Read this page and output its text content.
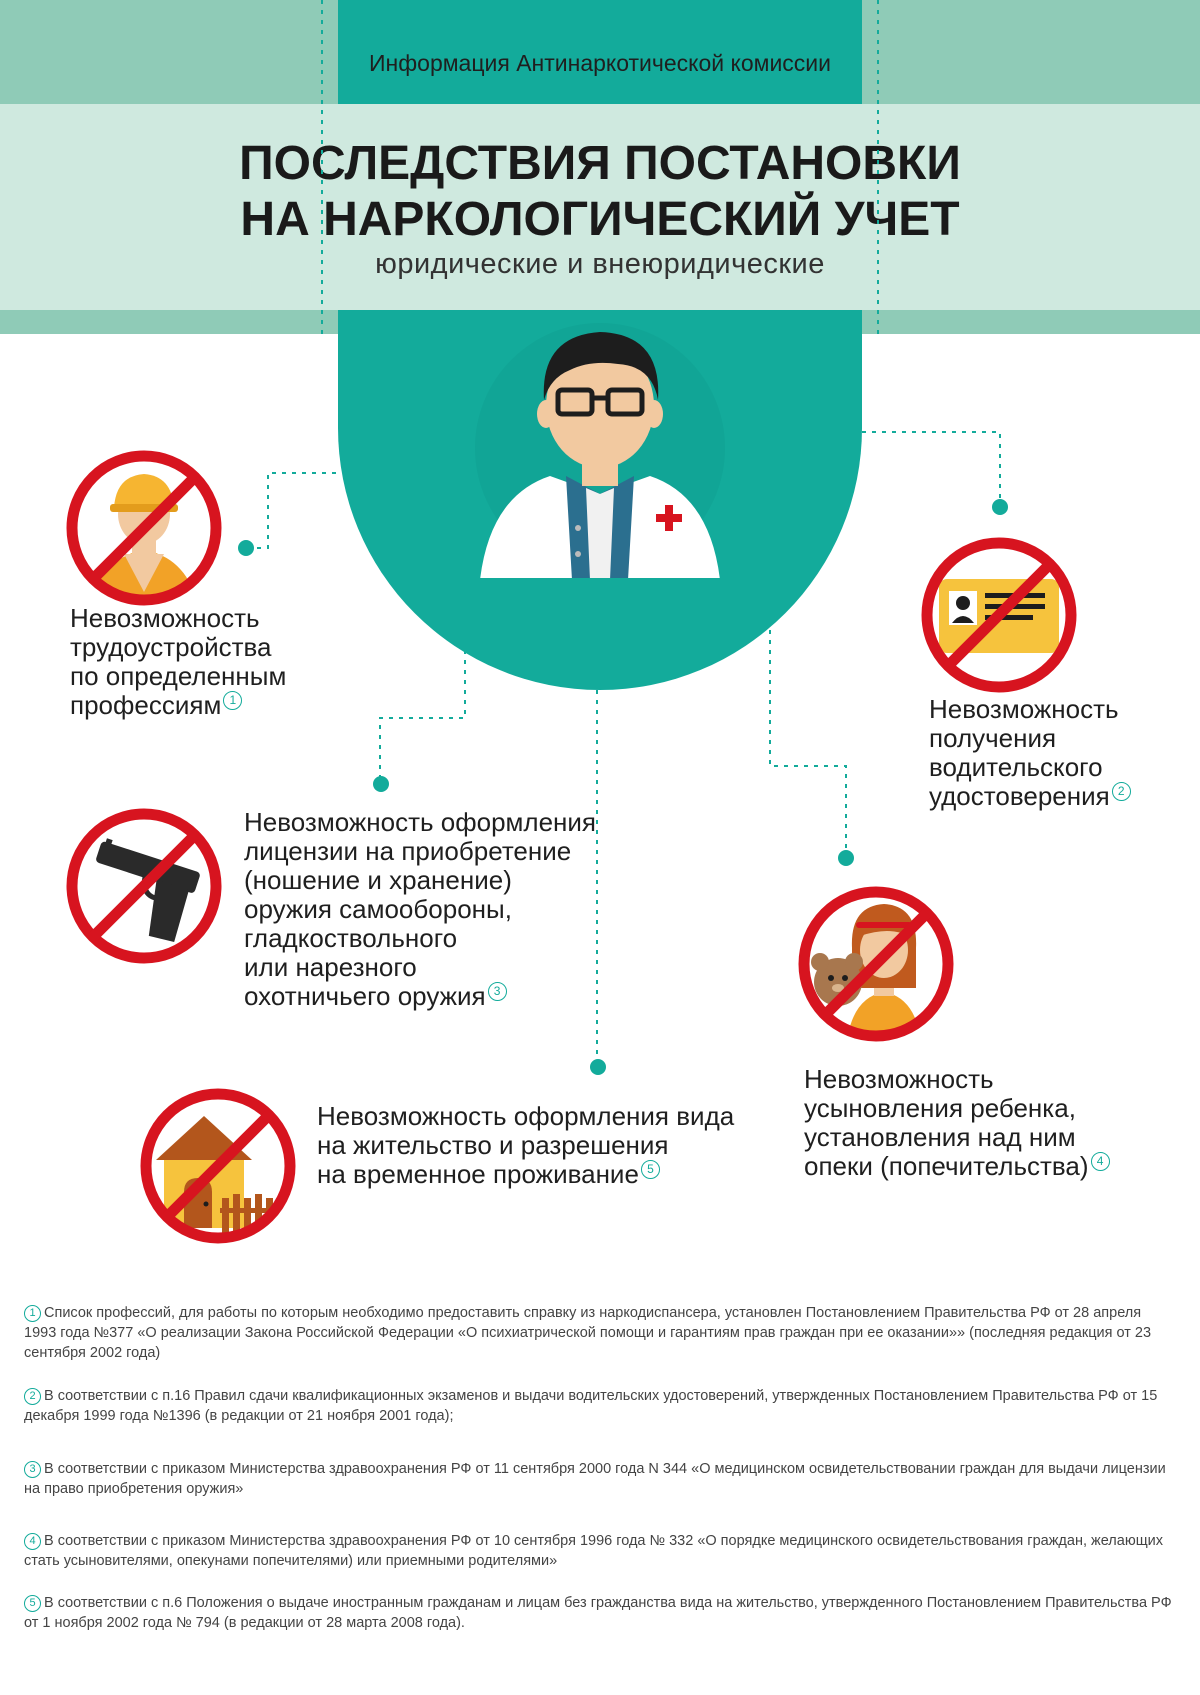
Информация Антинаркотической комиссии
ПОСЛЕДСТВИЯ ПОСТАНОВКИ
НА НАРКОЛОГИЧЕСКИЙ УЧЕТ
юридические и внеюридические
Невозможность
трудоустройства
по определенным
профессиям 1	Невозможность
получения
водительского
удостоверения 2
Невозможность оформления
лицензии на приобретение
(ношение и хранение)
оружия самообороны,
гладкоствольного
или нарезного
охотничьего оружия 3
Невозможность
усыновления ребенка,
установления над ним
опеки (попечительства) 4
Невозможность оформления вида
на жительство и разрешения
на временное проживание 5
1 Список профессий, для работы по которым необходимо предоставить справку из наркодиспансера, установлен Постановлением Правительства РФ от 28 апреля 1993 года №377 «О реализации Закона Российской Федерации «О психиатрической помощи и гарантиям прав граждан при ее оказании»» (последняя редакция от 23 сентября 2002 года)
2 В соответствии с п.16 Правил сдачи квалификационных экзаменов и выдачи водительских удостоверений, утвержденных Постановлением Правительства РФ от 15 декабря 1999 года №1396 (в редакции от 21 ноября 2001 года);
3 В соответствии с приказом Министерства здравоохранения РФ от 11 сентября 2000 года N 344 «О медицинском освидетельствовании граждан для выдачи лицензии на право приобретения оружия»
4 В соответствии с приказом Министерства здравоохранения РФ от 10 сентября 1996 года № 332 «О порядке медицинского освидетельствования граждан, желающих стать усыновителями, опекунами попечителями) или приемными родителями»
5 В соответствии с п.6 Положения о выдаче иностранным гражданам и лицам без гражданства вида на жительство, утвержденного Постановлением Правительства РФ от 1 ноября 2002 года № 794 (в редакции от 28 марта 2008 года).
